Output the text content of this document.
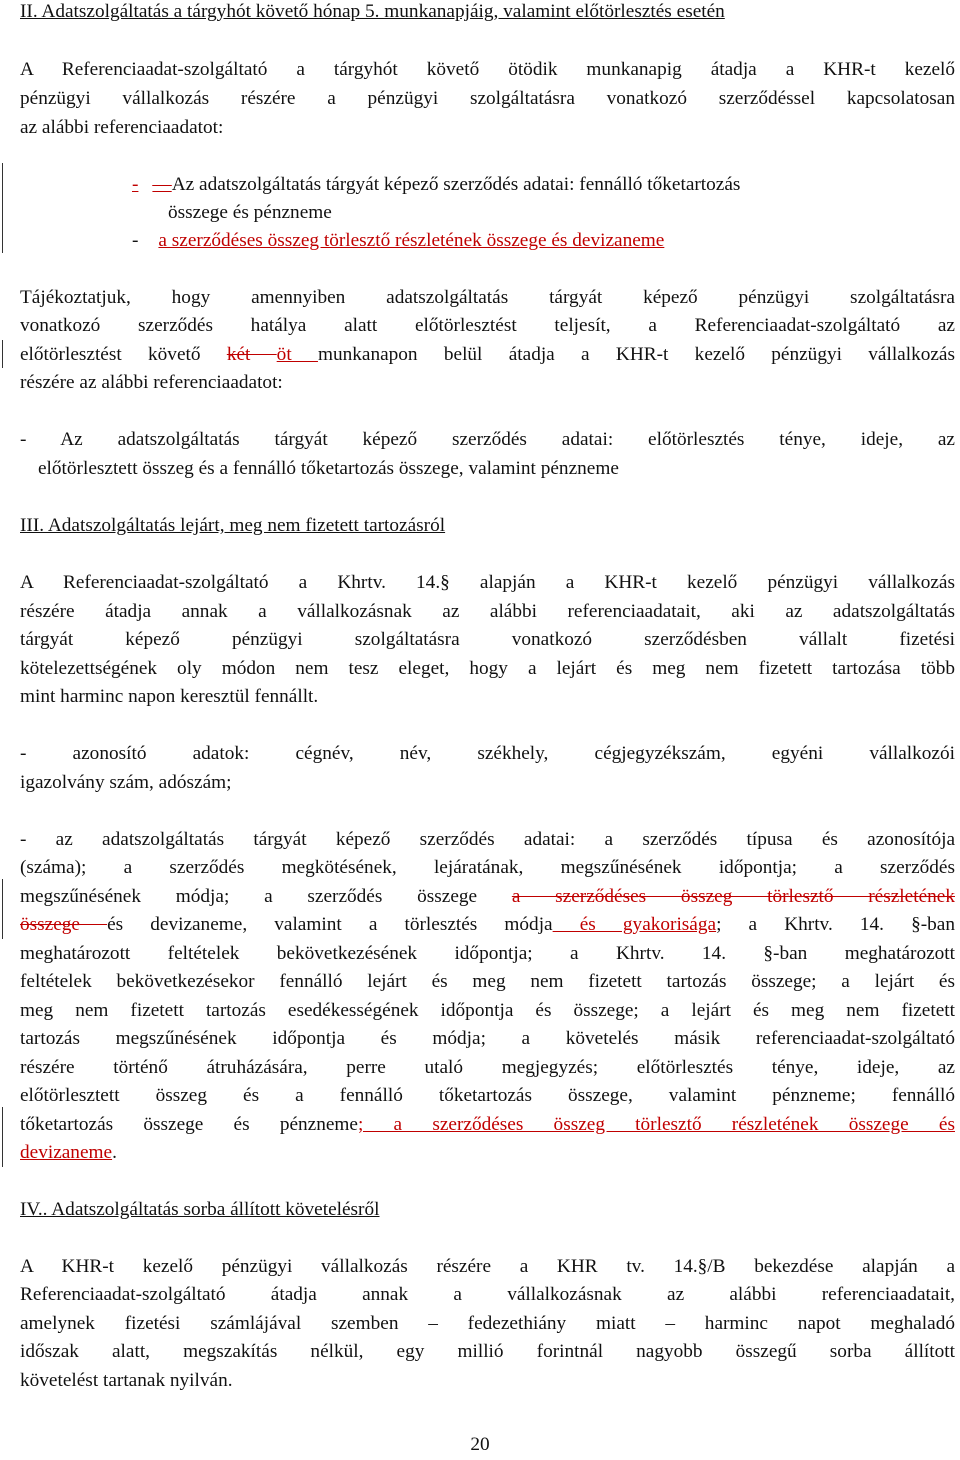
II. Adatszolgáltatás a tárgyhót követő hónap 5. munkanapjáig, valamint előtörlesztés esetén
A Referenciaadat-szolgáltató a tárgyhót követő ötödik munkanapig átadja a KHR-t kezelő
pénzügyi vállalkozás részére a pénzügyi szolgáltatásra vonatkozó szerződéssel kapcsolatosan
az alábbi referenciaadatot:
- —Az adatszolgáltatás tárgyát képező szerződés adatai: fennálló tőketartozás
összege és pénzneme
- a szerződéses összeg törlesztő részletének összege és devizaneme
Tájékoztatjuk, hogy amennyiben adatszolgáltatás tárgyát képező pénzügyi szolgáltatásra
vonatkozó szerződés hatálya alatt előtörlesztést teljesít, a Referenciaadat-szolgáltató az
előtörlesztést követő két öt munkanapon belül átadja a KHR-t kezelő pénzügyi vállalkozás
részére az alábbi referenciaadatot:
- Az adatszolgáltatás tárgyát képező szerződés adatai: előtörlesztés ténye, ideje, az
előtörlesztett összeg és a fennálló tőketartozás összege, valamint pénzneme
III. Adatszolgáltatás lejárt, meg nem fizetett tartozásról
A Referenciaadat-szolgáltató a Khrtv. 14.§ alapján a KHR-t kezelő pénzügyi vállalkozás
részére átadja annak a vállalkozásnak az alábbi referenciaadatait, aki az adatszolgáltatás
tárgyát képező pénzügyi szolgáltatásra vonatkozó szerződésben vállalt fizetési
kötelezettségének oly módon nem tesz eleget, hogy a lejárt és meg nem fizetett tartozása több
mint harminc napon keresztül fennállt.
- azonosító adatok: cégnév, név, székhely, cégjegyzékszám, egyéni vállalkozói
igazolvány szám, adószám;
- az adatszolgáltatás tárgyát képező szerződés adatai: a szerződés típusa és azonosítója
(száma); a szerződés megkötésének, lejáratának, megszűnésének időpontja; a szerződés
megszűnésének módja; a szerződés összege a szerződéses összeg törlesztő részletének
összege és devizaneme, valamint a törlesztés módja és gyakorisága; a Khrtv. 14. §-ban
meghatározott feltételek bekövetkezésének időpontja; a Khrtv. 14. §-ban meghatározott
feltételek bekövetkezésekor fennálló lejárt és meg nem fizetett tartozás összege; a lejárt és
meg nem fizetett tartozás esedékességének időpontja és összege; a lejárt és meg nem fizetett
tartozás megszűnésének időpontja és módja; a követelés másik referenciaadat-szolgáltató
részére történő átruházására, perre utaló megjegyzés; előtörlesztés ténye, ideje, az
előtörlesztett összeg és a fennálló tőketartozás összege, valamint pénzneme; fennálló
tőketartozás összege és pénzneme; a szerződéses összeg törlesztő részletének összege és
devizaneme.
IV.. Adatszolgáltatás sorba állított követelésről
A KHR-t kezelő pénzügyi vállalkozás részére a KHR tv. 14.§/B bekezdése alapján a
Referenciaadat-szolgáltató átadja annak a vállalkozásnak az alábbi referenciaadatait,
amelynek fizetési számlájával szemben – fedezethiány miatt – harminc napot meghaladó
időszak alatt, megszakítás nélkül, egy millió forintnál nagyobb összegű sorba állított
követelést tartanak nyilván.
20
